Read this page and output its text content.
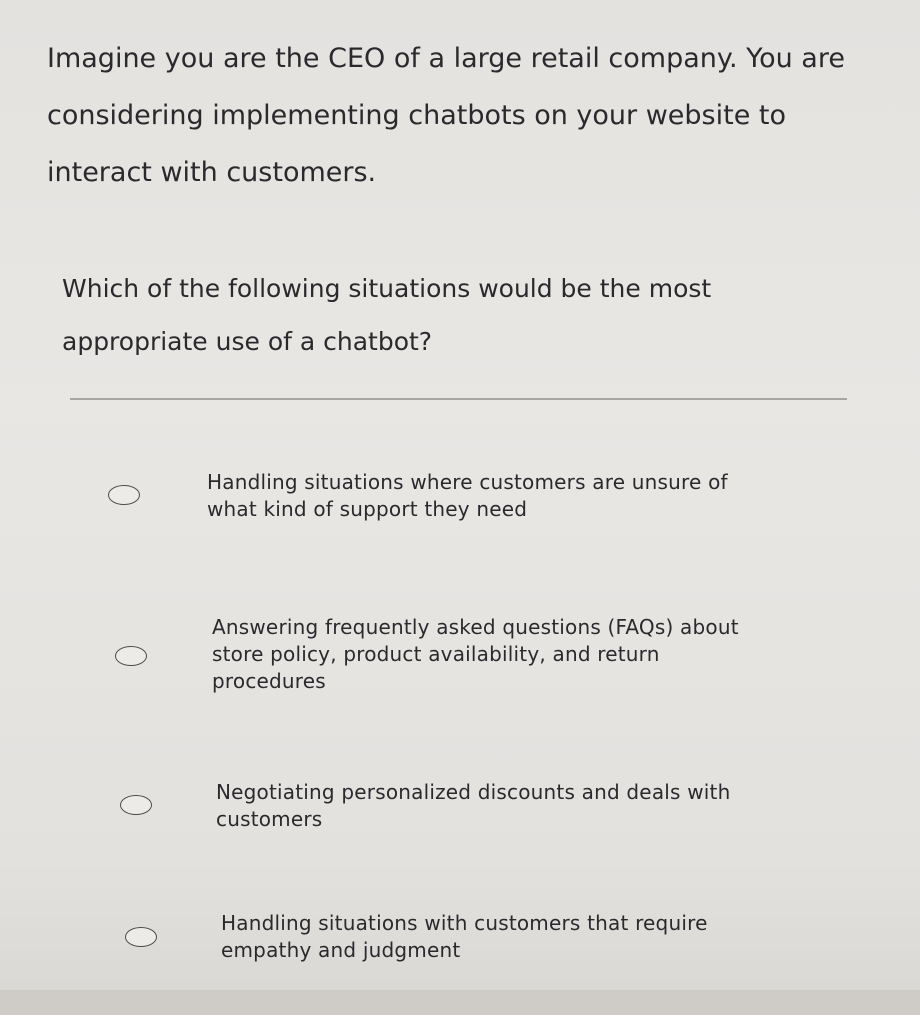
Imagine you are the CEO of a large retail company. You are considering implementing chatbots on your website to interact with customers.

Which of the following situations would be the most appropriate use of a chatbot?

Handling situations where customers are unsure of what kind of support they need

Answering frequently asked questions (FAQs) about store policy, product availability, and return procedures

Negotiating personalized discounts and deals with customers

Handling situations with customers that require empathy and judgment
